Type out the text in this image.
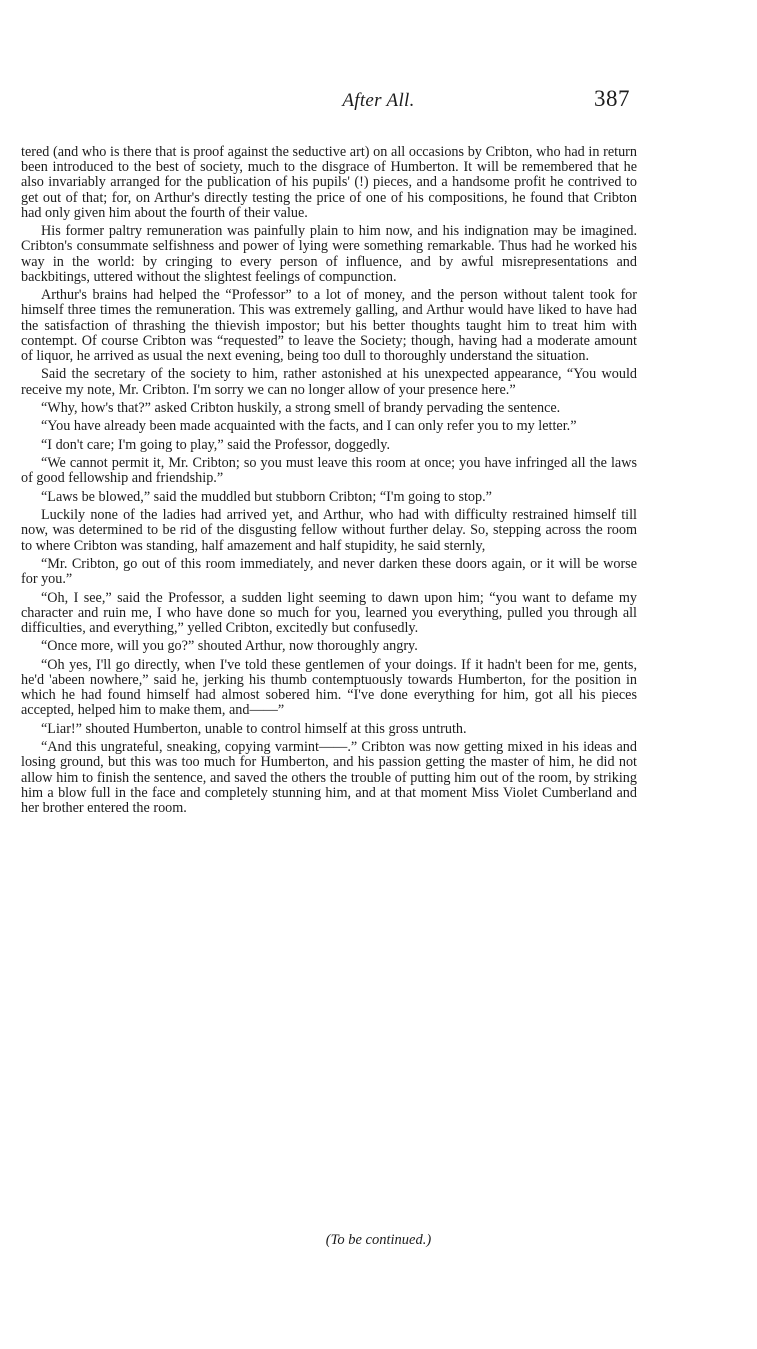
After All.	387

tered (and who is there that is proof against the seductive art) on all occasions by Cribton, who had in return been introduced to the best of society, much to the disgrace of Humberton. It will be remembered that he also invariably arranged for the publication of his pupils' (!) pieces, and a handsome profit he contrived to get out of that; for, on Arthur's directly testing the price of one of his compositions, he found that Cribton had only given him about the fourth of their value.

His former paltry remuneration was painfully plain to him now, and his indignation may be imagined. Cribton's consummate selfishness and power of lying were something remarkable. Thus had he worked his way in the world: by cringing to every person of influence, and by awful misrepresentations and backbitings, uttered without the slightest feelings of compunction.

Arthur's brains had helped the “Professor” to a lot of money, and the person without talent took for himself three times the remuneration. This was extremely galling, and Arthur would have liked to have had the satisfaction of thrashing the thievish impostor; but his better thoughts taught him to treat him with contempt. Of course Cribton was “requested” to leave the Society; though, having had a moderate amount of liquor, he arrived as usual the next evening, being too dull to thoroughly understand the situation.

Said the secretary of the society to him, rather astonished at his unexpected appearance, “You would receive my note, Mr. Cribton. I'm sorry we can no longer allow of your presence here.”

“Why, how's that?” asked Cribton huskily, a strong smell of brandy pervading the sentence.

“You have already been made acquainted with the facts, and I can only refer you to my letter.”

“I don't care; I'm going to play,” said the Professor, doggedly.

“We cannot permit it, Mr. Cribton; so you must leave this room at once; you have infringed all the laws of good fellowship and friendship.”

“Laws be blowed,” said the muddled but stubborn Cribton; “I'm going to stop.”

Luckily none of the ladies had arrived yet, and Arthur, who had with difficulty restrained himself till now, was determined to be rid of the disgusting fellow without further delay. So, stepping across the room to where Cribton was standing, half amazement and half stupidity, he said sternly,

“Mr. Cribton, go out of this room immediately, and never darken these doors again, or it will be worse for you.”

“Oh, I see,” said the Professor, a sudden light seeming to dawn upon him; “you want to defame my character and ruin me, I who have done so much for you, learned you everything, pulled you through all difficulties, and everything,” yelled Cribton, excitedly but confusedly.

“Once more, will you go?” shouted Arthur, now thoroughly angry.

“Oh yes, I'll go directly, when I've told these gentlemen of your doings. If it hadn't been for me, gents, he'd 'abeen nowhere,” said he, jerking his thumb contemptuously towards Humberton, for the position in which he had found himself had almost sobered him. “I've done everything for him, got all his pieces accepted, helped him to make them, and——”

“Liar!” shouted Humberton, unable to control himself at this gross untruth.

“And this ungrateful, sneaking, copying varmint——.” Cribton was now getting mixed in his ideas and losing ground, but this was too much for Humberton, and his passion getting the master of him, he did not allow him to finish the sentence, and saved the others the trouble of putting him out of the room, by striking him a blow full in the face and completely stunning him, and at that moment Miss Violet Cumberland and her brother entered the room.

(To be continued.)
